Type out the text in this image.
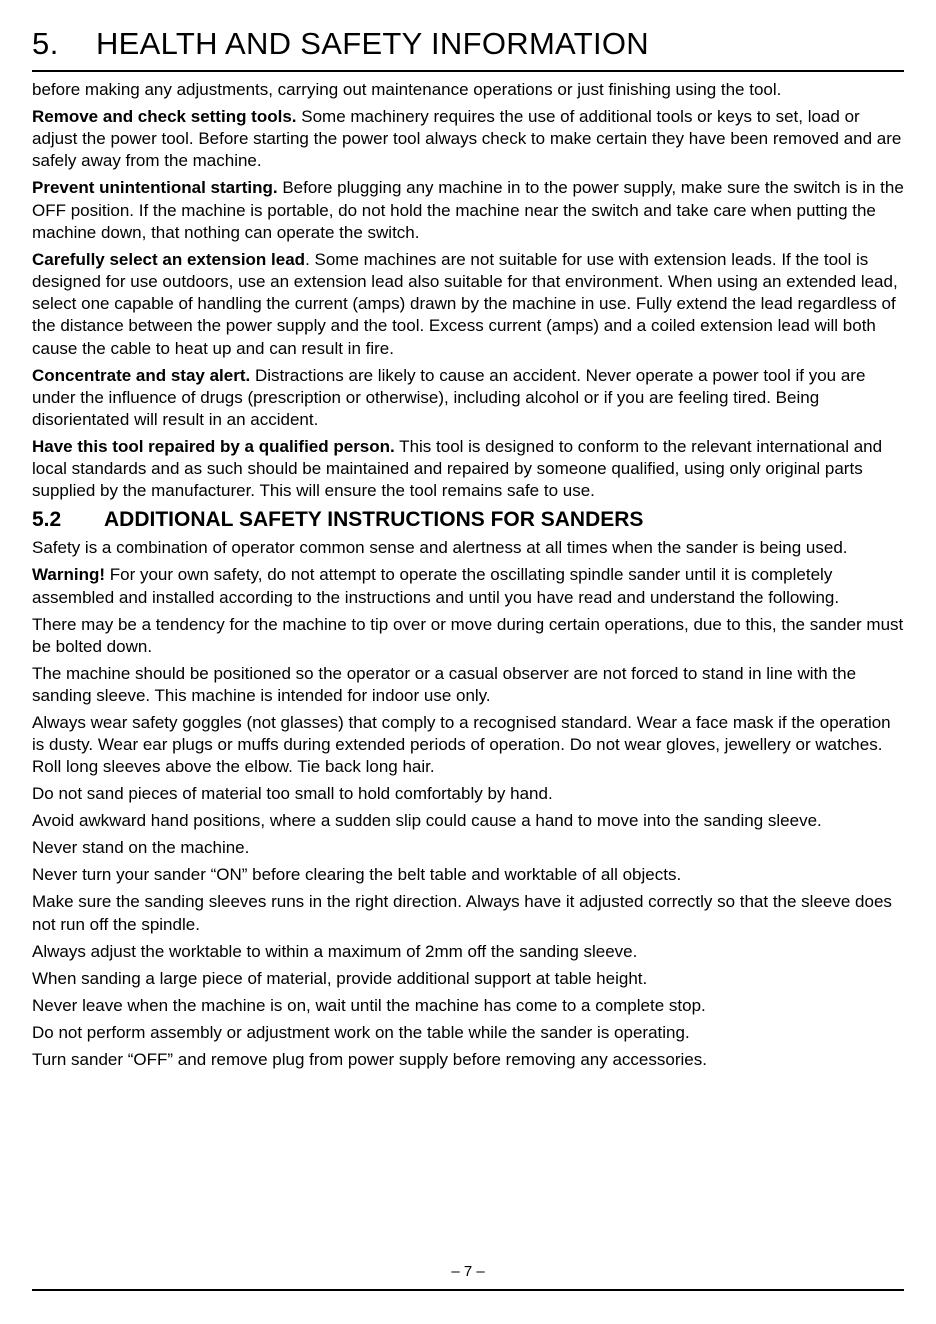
5. HEALTH AND SAFETY INFORMATION

before making any adjustments, carrying out maintenance operations or just finishing using the tool.

Remove and check setting tools. Some machinery requires the use of additional tools or keys to set, load or adjust the power tool. Before starting the power tool always check to make certain they have been removed and are safely away from the machine.

Prevent unintentional starting. Before plugging any machine in to the power supply, make sure the switch is in the OFF position. If the machine is portable, do not hold the machine near the switch and take care when putting the machine down, that nothing can operate the switch.

Carefully select an extension lead. Some machines are not suitable for use with extension leads. If the tool is designed for use outdoors, use an extension lead also suitable for that environment. When using an extended lead, select one capable of handling the current (amps) drawn by the machine in use. Fully extend the lead regardless of the distance between the power supply and the tool. Excess current (amps) and a coiled extension lead will both cause the cable to heat up and can result in fire.

Concentrate and stay alert. Distractions are likely to cause an accident. Never operate a power tool if you are under the influence of drugs (prescription or otherwise), including alcohol or if you are feeling tired. Being disorientated will result in an accident.

Have this tool repaired by a qualified person. This tool is designed to conform to the relevant international and local standards and as such should be maintained and repaired by someone qualified, using only original parts supplied by the manufacturer. This will ensure the tool remains safe to use.

5.2 ADDITIONAL SAFETY INSTRUCTIONS FOR SANDERS

Safety is a combination of operator common sense and alertness at all times when the sander is being used.

Warning! For your own safety, do not attempt to operate the oscillating spindle sander until it is completely assembled and installed according to the instructions and until you have read and understand the following.

There may be a tendency for the machine to tip over or move during certain operations, due to this, the sander must be bolted down.

The machine should be positioned so the operator or a casual observer are not forced to stand in line with the sanding sleeve. This machine is intended for indoor use only.

Always wear safety goggles (not glasses) that comply to a recognised standard. Wear a face mask if the operation is dusty. Wear ear plugs or muffs during extended periods of operation. Do not wear gloves, jewellery or watches. Roll long sleeves above the elbow. Tie back long hair.

Do not sand pieces of material too small to hold comfortably by hand.

Avoid awkward hand positions, where a sudden slip could cause a hand to move into the sanding sleeve.

Never stand on the machine.

Never turn your sander “ON” before clearing the belt table and worktable of all objects.

Make sure the sanding sleeves runs in the right direction. Always have it adjusted correctly so that the sleeve does not run off the spindle.

Always adjust the worktable to within a maximum of 2mm off the sanding sleeve.

When sanding a large piece of material, provide additional support at table height.

Never leave when the machine is on, wait until the machine has come to a complete stop.

Do not perform assembly or adjustment work on the table while the sander is operating.

Turn sander “OFF” and remove plug from power supply before removing any accessories.

– 7 –
